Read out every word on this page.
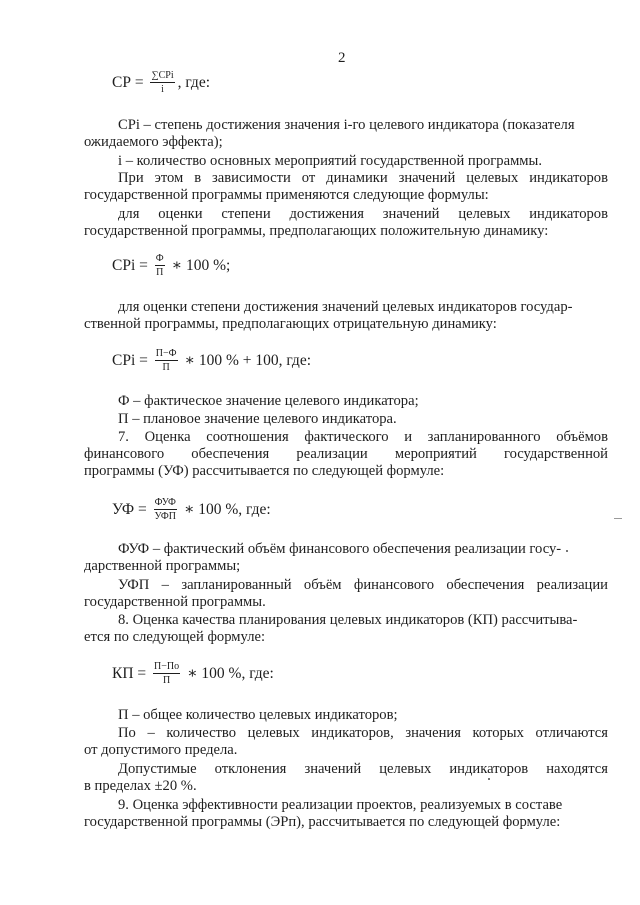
2
СР = $\frac{\text{∑СРi}}{i}$ , где:
СРi – степень достижения значения i-го целевого индикатора (показателя
ожидаемого эффекта);
i – количество основных мероприятий государственной программы.
При этом в зависимости от динамики значений целевых индикаторов
государственной программы применяются следующие формулы:
для оценки степени достижения значений целевых индикаторов
государственной программы, предполагающих положительную динамику:
СРi = $\frac{Ф}{П}$ ∗ 100 %;
для оценки степени достижения значений целевых индикаторов государ-
ственной программы, предполагающих отрицательную динамику:
СРi = $\frac{П-Ф}{П}$ ∗ 100 % + 100, где:
Ф – фактическое значение целевого индикатора;
П – плановое значение целевого индикатора.
7. Оценка соотношения фактического и запланированного объёмов
финансового обеспечения реализации мероприятий государственной
программы (УФ) рассчитывается по следующей формуле:
УФ = $\frac{\text{ФУФ}}{\text{УФП}}$ ∗ 100 %, где:
ФУФ – фактический объём финансового обеспечения реализации госу-
дарственной программы;
УФП – запланированный объём финансового обеспечения реализации
государственной программы.
8. Оценка качества планирования целевых индикаторов (КП) рассчитыва-
ется по следующей формуле:
КП = $\frac{П-По}{П}$ ∗ 100 %, где:
П – общее количество целевых индикаторов;
По – количество целевых индикаторов, значения которых отличаются
от допустимого предела.
Допустимые отклонения значений целевых индикаторов находятся
в пределах ±20 %.
9. Оценка эффективности реализации проектов, реализуемых в составе
государственной программы (ЭРп), рассчитывается по следующей формуле:
